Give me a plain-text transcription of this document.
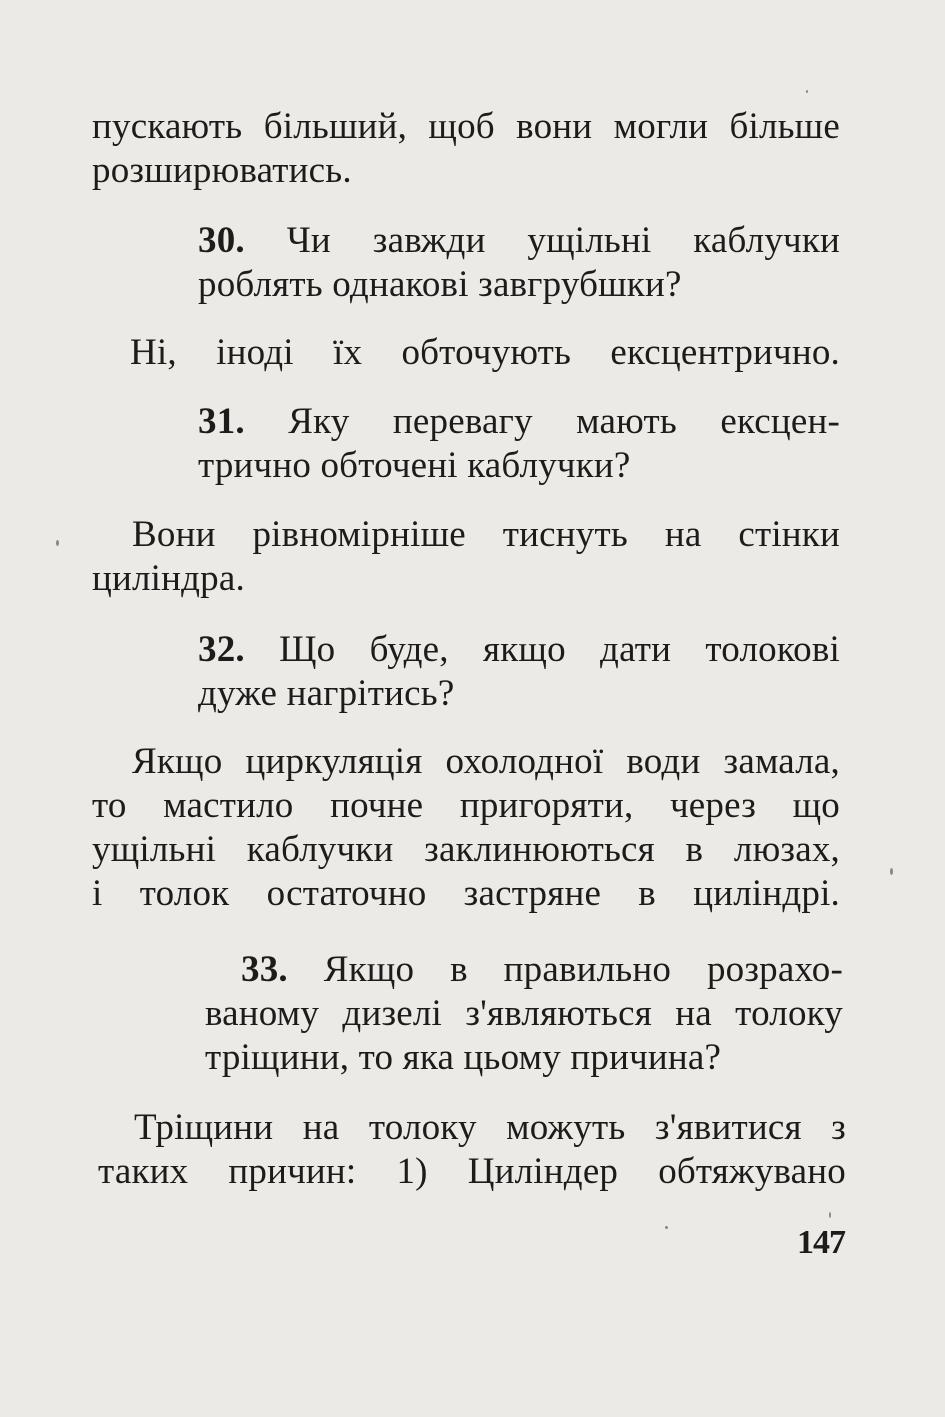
пускають більший, щоб вони могли більше
розширюватись.
30. Чи завжди ущільні каблучки
роблять однакові завгрубшки?
Ні, іноді їх обточують ексцентрично.
31. Яку перевагу мають ексцен-
трично обточені каблучки?
Вони рівномірніше тиснуть на стінки
циліндра.
32. Що буде, якщо дати толокові
дуже нагрітись?
Якщо циркуляція охолодної води замала,
то мастило почне пригоряти, через що
ущільні каблучки заклинюються в люзах,
і толок остаточно застряне в циліндрі.
33. Якщо в правильно розрахо-
ваному дизелі з'являються на толоку
тріщини, то яка цьому причина?
Тріщини на толоку можуть з'явитися з
таких причин: 1) Циліндер обтяжувано
147
